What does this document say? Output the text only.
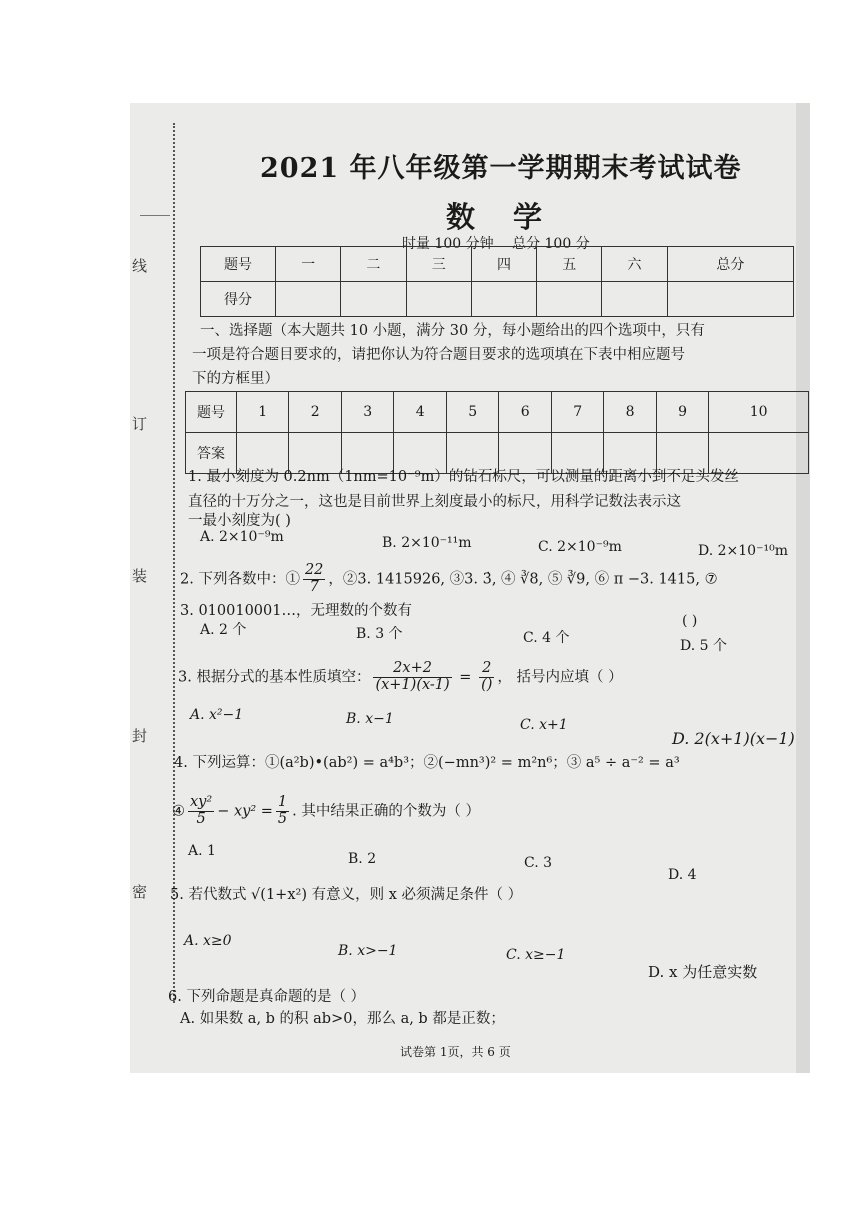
线
订
装
封
密
2021 年八年级第一学期期末考试试卷
数学
时量 100 分钟 总分 100 分
题号	一	二	三	四	五	六	总分
得分							
一、选择题（本大题共 10 小题，满分 30 分，每小题给出的四个选项中，只有
一项是符合题目要求的，请把你认为符合题目要求的选项填在下表中相应题号
下的方框里）
题号	1	2	3	4	5	6	7	8	9	10
答案										
1. 最小刻度为 0.2nm（1nm=10⁻⁹m）的钻石标尺，可以测量的距离小到不足头发丝
直径的十万分之一，这也是目前世界上刻度最小的标尺，用科学记数法表示这
一最小刻度为( )
A. 2×10⁻⁹m	B. 2×10⁻¹¹m	C. 2×10⁻⁹m	D. 2×10⁻¹⁰m
2. 下列各数中：① $\frac{22}{7}$ ，②3. 1415926, ③3. 3̇, ④ ∛8, ⑤ ∛9, ⑥ π −3. 1415, ⑦
3. 010010001…，无理数的个数有
( )
A. 2 个	B. 3 个	C. 4 个	D. 5 个
3. 根据分式的基本性质填空： $\frac{2x+2}{(x+1)(x-1)} = \frac{2}{()}$ ， 括号内应填（ ）
A. x²−1	B. x−1	C. x+1
D. 2(x+1)(x−1)
4. 下列运算：①(a²b)•(ab²) = a⁴b³；②(−mn³)² = m²n⁶；③ a⁵ ÷ a⁻² = a³
④ $\frac{\text{xy²}}{5} - xy^2 = \frac{1}{5}$ . 其中结果正确的个数为（ ）
A. 1	B. 2	C. 3
D. 4
5. 若代数式 √(1+x²) 有意义，则 x 必须满足条件（ ）
A. x≥0
B. x>−1	C. x≥−1
D. x 为任意实数
6. 下列命题是真命题的是（ ）
A. 如果数 a, b 的积 ab>0，那么 a, b 都是正数；
试卷第 1页，共 6 页
